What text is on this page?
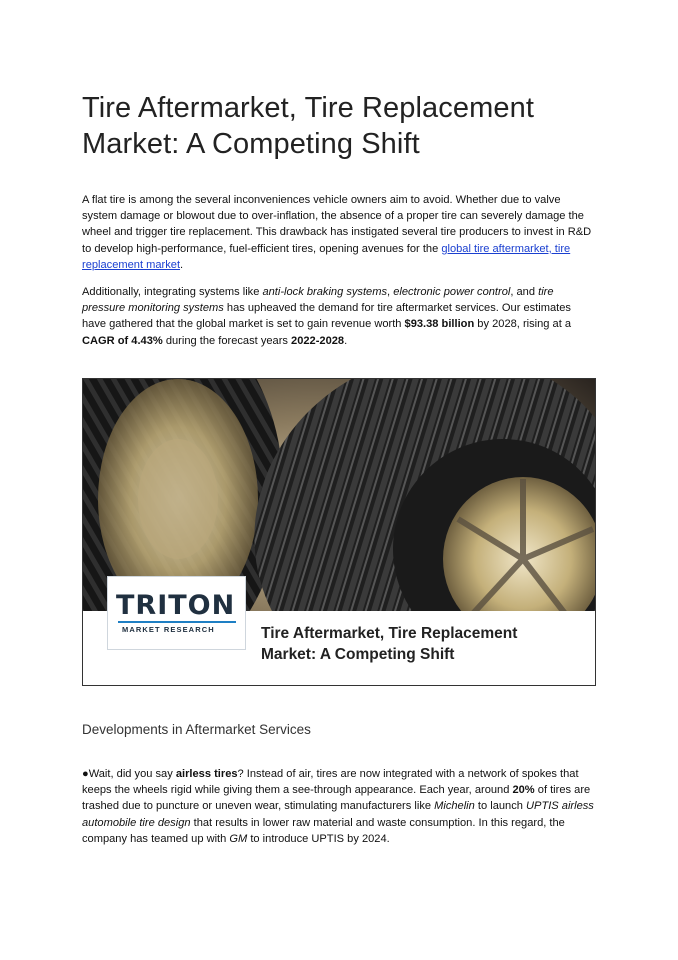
Tire Aftermarket, Tire Replacement Market: A Competing Shift

A flat tire is among the several inconveniences vehicle owners aim to avoid. Whether due to valve system damage or blowout due to over-inflation, the absence of a proper tire can severely damage the wheel and trigger tire replacement. This drawback has instigated several tire producers to invest in R&D to develop high-performance, fuel-efficient tires, opening avenues for the global tire aftermarket, tire replacement market.

Additionally, integrating systems like anti-lock braking systems, electronic power control, and tire pressure monitoring systems has upheaved the demand for tire aftermarket services. Our estimates have gathered that the global market is set to gain revenue worth $93.38 billion by 2028, rising at a CAGR of 4.43% during the forecast years 2022-2028.

TRITON
MARKET RESEARCH	Tire Aftermarket, Tire Replacement
Market: A Competing Shift
Developments in Aftermarket Services

●Wait, did you say airless tires? Instead of air, tires are now integrated with a network of spokes that keeps the wheels rigid while giving them a see-through appearance. Each year, around 20% of tires are trashed due to puncture or uneven wear, stimulating manufacturers like Michelin to launch UPTIS airless automobile tire design that results in lower raw material and waste consumption. In this regard, the company has teamed up with GM to introduce UPTIS by 2024.
